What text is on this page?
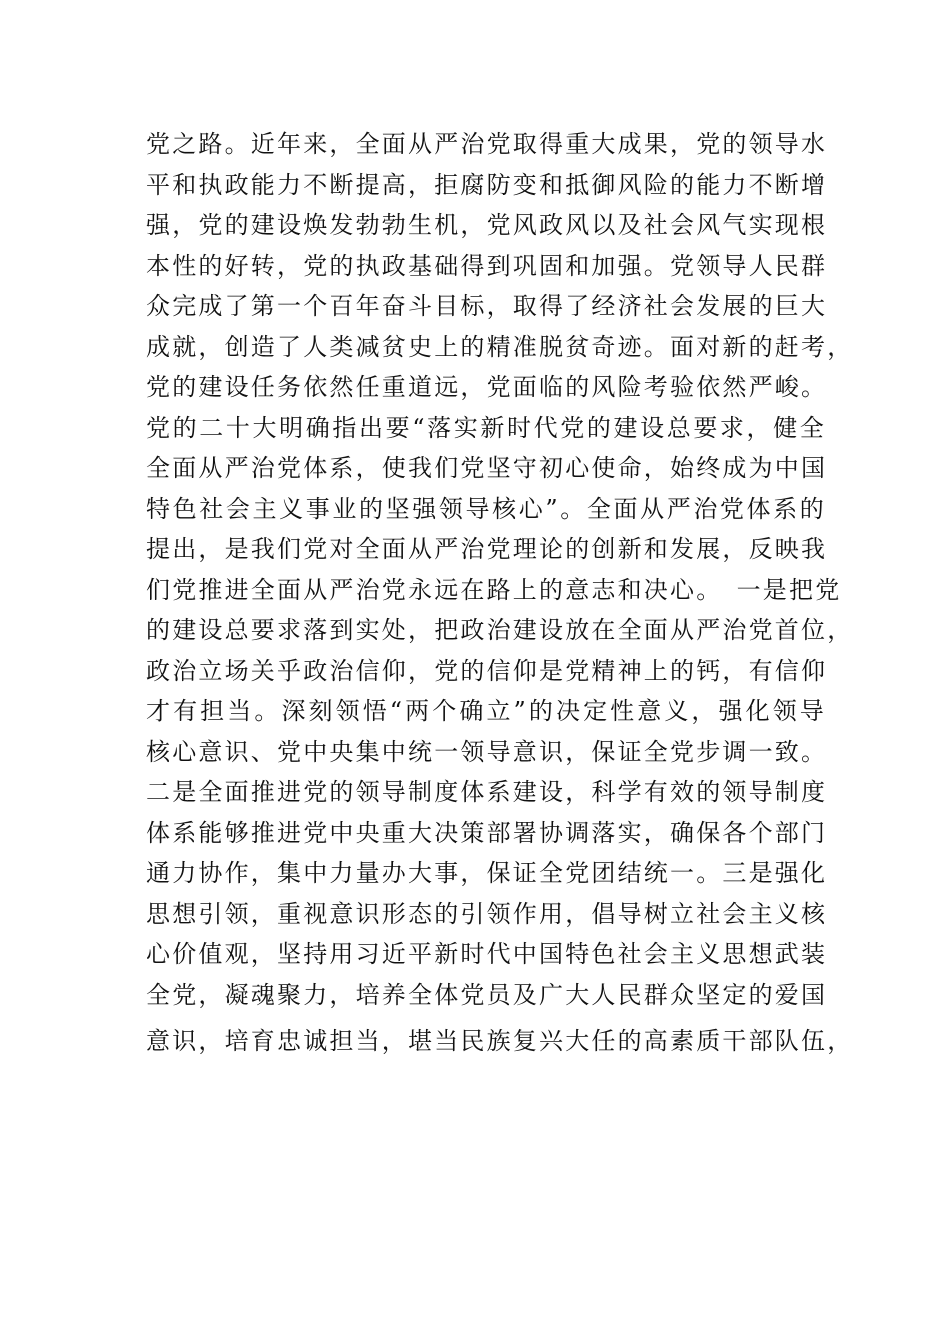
党之路。近年来，全面从严治党取得重大成果，党的领导水
平和执政能力不断提高，拒腐防变和抵御风险的能力不断增
强，党的建设焕发勃勃生机，党风政风以及社会风气实现根
本性的好转，党的执政基础得到巩固和加强。党领导人民群
众完成了第一个百年奋斗目标，取得了经济社会发展的巨大
成就，创造了人类减贫史上的精准脱贫奇迹。面对新的赶考，
党的建设任务依然任重道远，党面临的风险考验依然严峻。
党的二十大明确指出要“落实新时代党的建设总要求，健全
全面从严治党体系，使我们党坚守初心使命，始终成为中国
特色社会主义事业的坚强领导核心”。全面从严治党体系的
提出，是我们党对全面从严治党理论的创新和发展，反映我
们党推进全面从严治党永远在路上的意志和决心。　一是把党
的建设总要求落到实处，把政治建设放在全面从严治党首位，
政治立场关乎政治信仰，党的信仰是党精神上的钙，有信仰
才有担当。深刻领悟“两个确立”的决定性意义，强化领导
核心意识、党中央集中统一领导意识，保证全党步调一致。
二是全面推进党的领导制度体系建设，科学有效的领导制度
体系能够推进党中央重大决策部署协调落实，确保各个部门
通力协作，集中力量办大事，保证全党团结统一。三是强化
思想引领，重视意识形态的引领作用，倡导树立社会主义核
心价值观，坚持用习近平新时代中国特色社会主义思想武装
全党，凝魂聚力，培养全体党员及广大人民群众坚定的爱国
意识，培育忠诚担当，堪当民族复兴大任的高素质干部队伍，
